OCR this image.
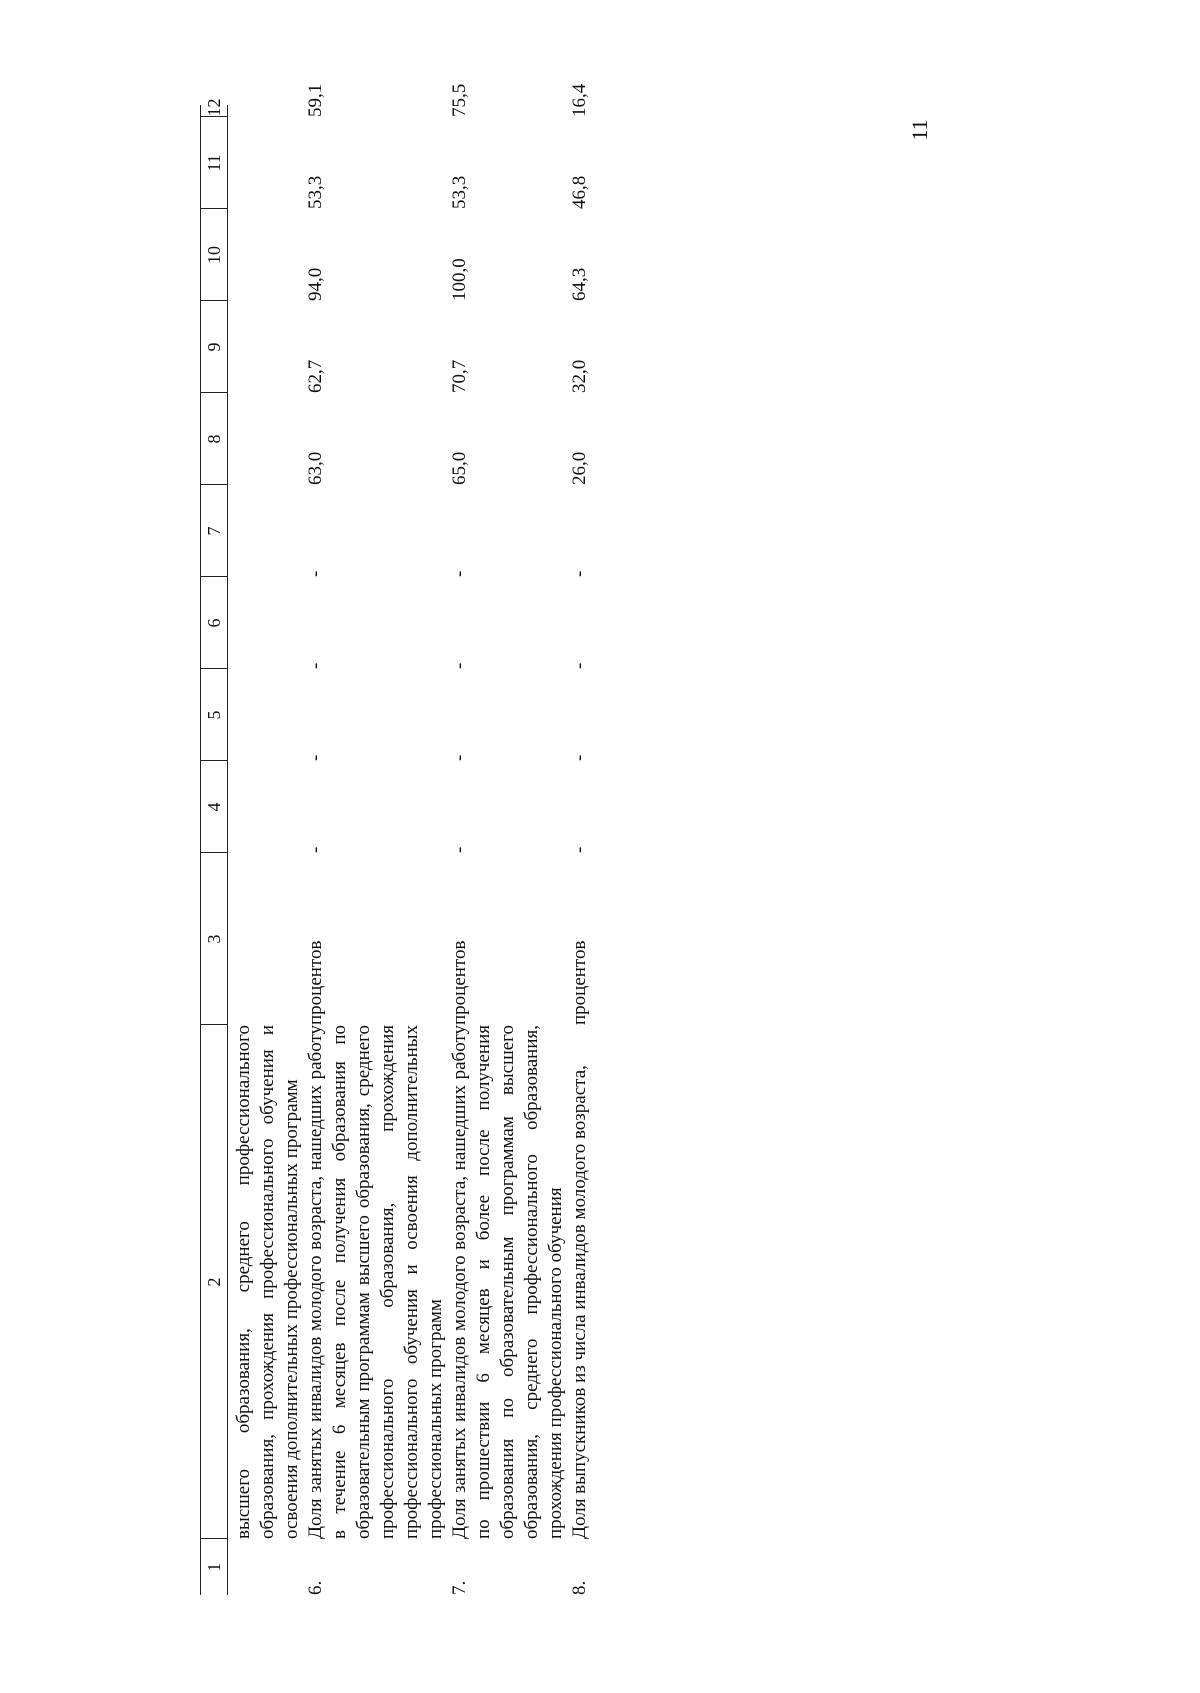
11
1	2	3	4	5	6	7	8	9	10	11	12
	высшего образования, среднего профессионального образования, прохождения профессионального обучения и освоения дополнительных профессиональных программ										
6.	Доля занятых инвалидов молодого возраста, нашедших работу в течение 6 месяцев после получения образования по образовательным программам высшего образования, среднего профессионального образования, прохождения профессионального обучения и освоения дополнительных профессиональных программ	процентов	-	-	-	-	63,0	62,7	94,0	53,3	59,1
7.	Доля занятых инвалидов молодого возраста, нашедших работу по прошествии 6 месяцев и более после получения образования по образовательным программам высшего образования, среднего профессионального образования, прохождения профессионального обучения	процентов	-	-	-	-	65,0	70,7	100,0	53,3	75,5
8.	Доля выпускников из числа инвалидов молодого возраста,	процентов	-	-	-	-	26,0	32,0	64,3	46,8	16,4
